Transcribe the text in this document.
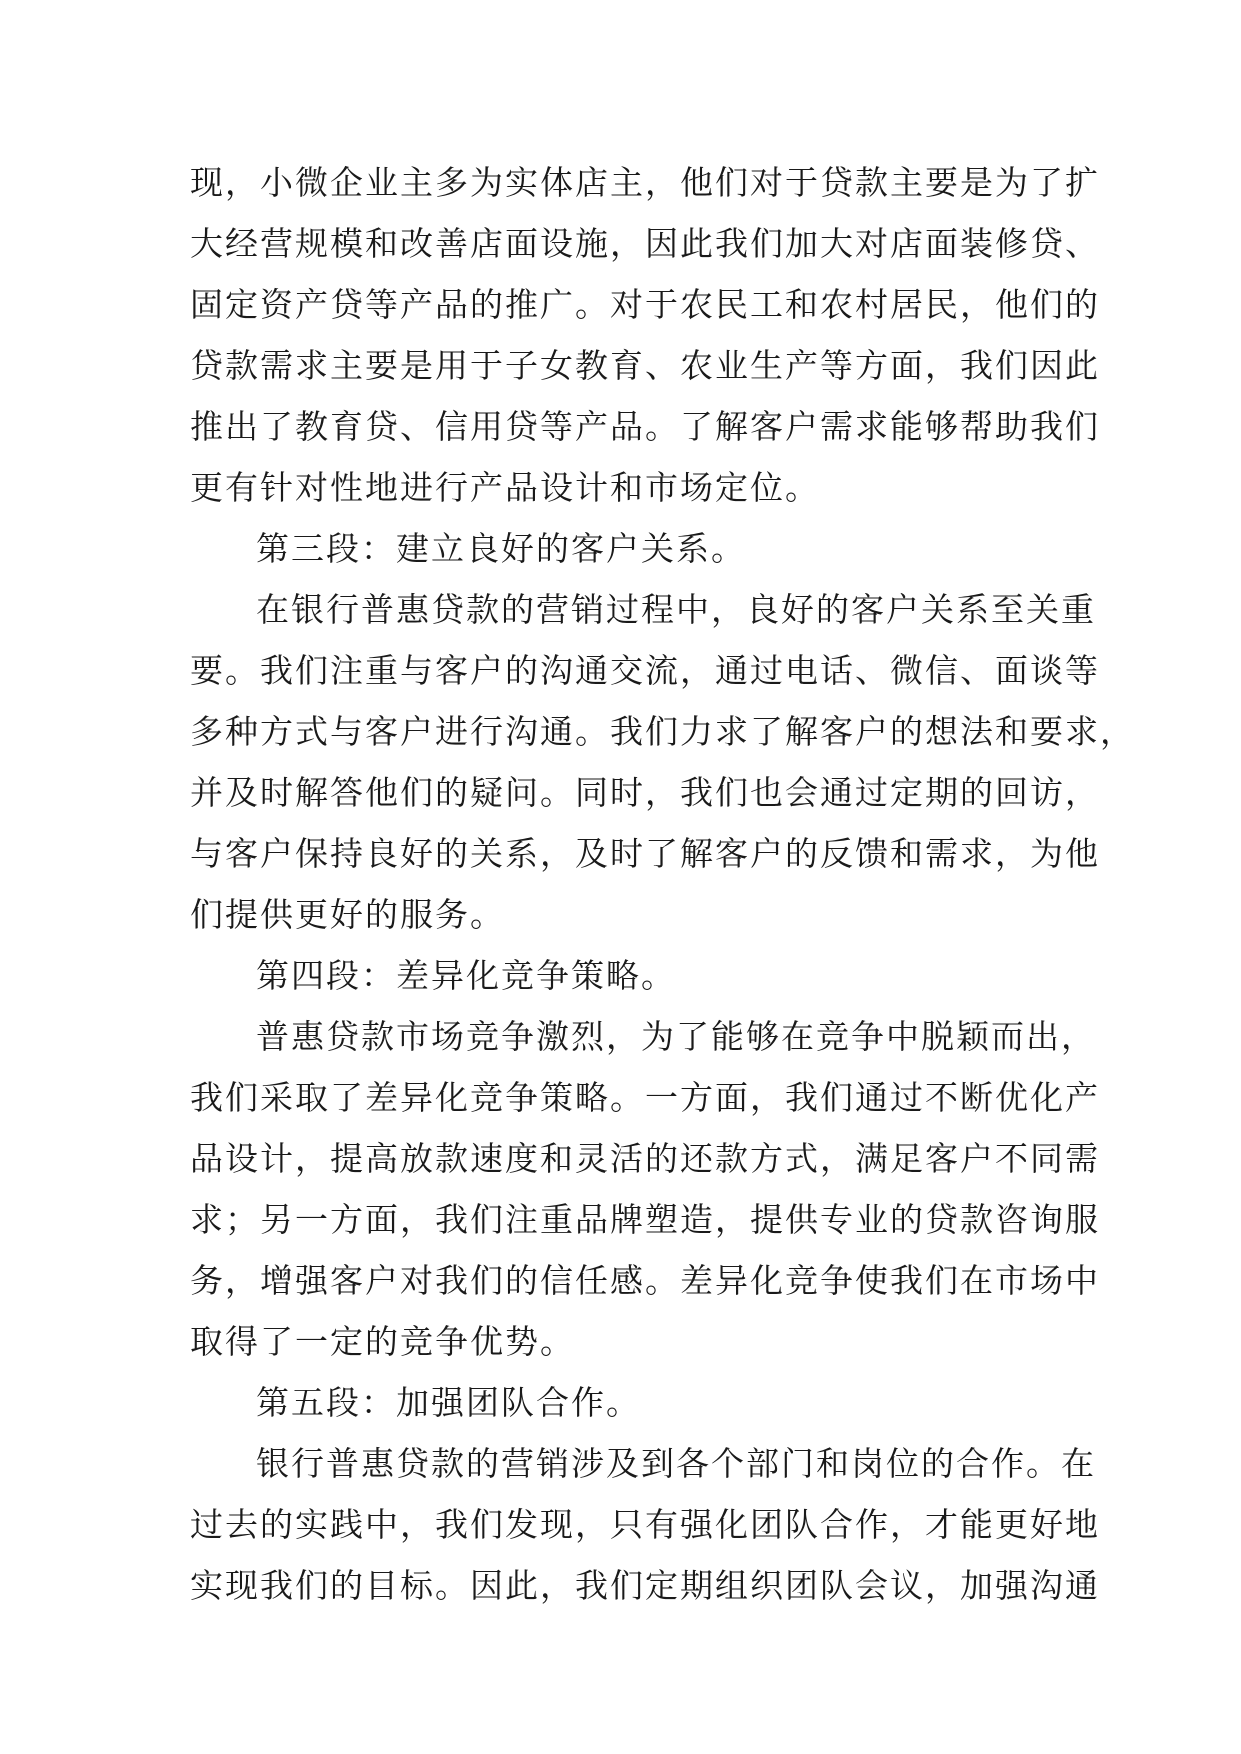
现，小微企业主多为实体店主，他们对于贷款主要是为了扩
大经营规模和改善店面设施，因此我们加大对店面装修贷、
固定资产贷等产品的推广。对于农民工和农村居民，他们的
贷款需求主要是用于子女教育、农业生产等方面，我们因此
推出了教育贷、信用贷等产品。了解客户需求能够帮助我们
更有针对性地进行产品设计和市场定位。
第三段：建立良好的客户关系。
在银行普惠贷款的营销过程中，良好的客户关系至关重
要。我们注重与客户的沟通交流，通过电话、微信、面谈等
多种方式与客户进行沟通。我们力求了解客户的想法和要求，
并及时解答他们的疑问。同时，我们也会通过定期的回访，
与客户保持良好的关系，及时了解客户的反馈和需求，为他
们提供更好的服务。
第四段：差异化竞争策略。
普惠贷款市场竞争激烈，为了能够在竞争中脱颖而出，
我们采取了差异化竞争策略。一方面，我们通过不断优化产
品设计，提高放款速度和灵活的还款方式，满足客户不同需
求；另一方面，我们注重品牌塑造，提供专业的贷款咨询服
务，增强客户对我们的信任感。差异化竞争使我们在市场中
取得了一定的竞争优势。
第五段：加强团队合作。
银行普惠贷款的营销涉及到各个部门和岗位的合作。在
过去的实践中，我们发现，只有强化团队合作，才能更好地
实现我们的目标。因此，我们定期组织团队会议，加强沟通
